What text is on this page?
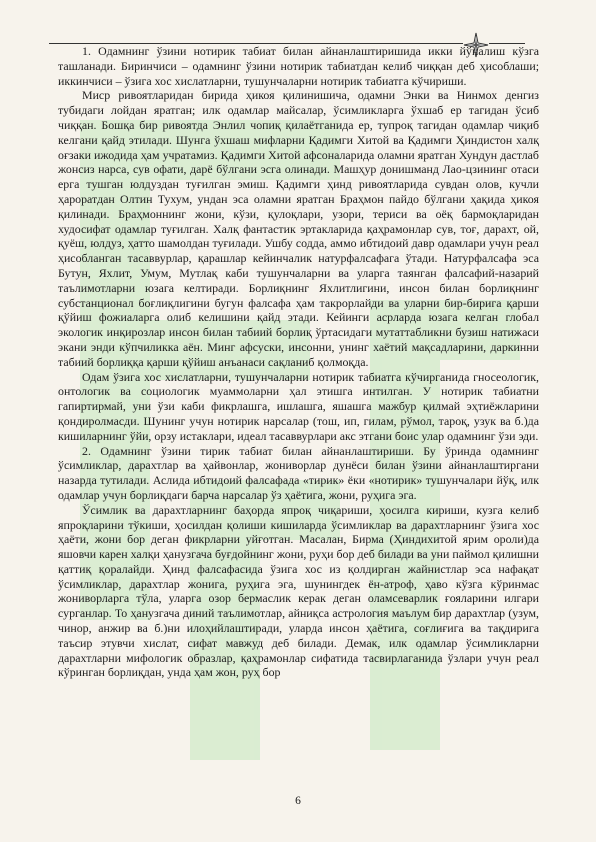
1. Одамнинг ўзини нотирик табиат билан айнанлаштиришида икки йўналиш кўзга ташланади. Биринчиси – одамнинг ўзини нотирик табиатдан келиб чиққан деб ҳисоблаши; иккинчиси – ўзига хос хислатларни, тушунчаларни нотирик табиатга кўчириши.

Миср ривоятларидан бирида ҳикоя қилинишича, одамни Энки ва Нинмох денгиз тубидаги лойдан яратган; илк одамлар майсалар, ўсимликларга ўхшаб ер тагидан ўсиб чиққан. Бошқа бир ривоятда Энлил чопиқ қилаётганида ер, тупроқ тагидан одамлар чиқиб келгани қайд этилади. Шунга ўхшаш мифларни Қадимги Хитой ва Қадимги Ҳиндистон халқ оғзаки ижодида ҳам учратамиз. Қадимги Хитой афсоналарида оламни яратган Хундун дастлаб жонсиз нарса, сув офати, дарё бўлгани эсга олинади. Машҳур донишманд Лао-цзининг отаси ерга тушган юлдуздан туғилган эмиш. Қадимги ҳинд ривоятларида сувдан олов, кучли ҳароратдан Олтин Тухум, ундан эса оламни яратган Браҳмон пайдо бўлгани ҳақида ҳикоя қилинади. Браҳмоннинг жони, кўзи, қулоқлари, узори, териси ва оёқ бармоқларидан худосифат одамлар туғилган. Халқ фантастик эртакларида қаҳрамонлар сув, тоғ, дарахт, ой, қуёш, юлдуз, ҳатто шамолдан туғилади. Ушбу содда, аммо ибтидоий давр одамлари учун реал ҳисобланган тасаввурлар, қарашлар кейинчалик натурфалсафага ўтади. Натурфалсафа эса Бутун, Яхлит, Умум, Мутлақ каби тушунчаларни ва уларга таянган фалсафий-назарий таълимотларни юзага келтиради. Борлиқнинг Яхлитлигини, инсон билан борлиқнинг субстанционал боғлиқлигини бугун фалсафа ҳам такрорлайди ва уларни бир-бирига қарши қўйиш фожиаларга олиб келишини қайд этади. Кейинги асрларда юзага келган глобал экологик инқирозлар инсон билан табиий борлиқ ўртасидаги мутаттабликни бузиш натижаси экани энди кўпчиликка аён. Минг афсуски, инсонни, унинг хаётий мақсадларини, даркинни табиий борлиққа қарши қўйиш анъанаси сақланиб қолмоқда.

Одам ўзига хос хислатларни, тушунчаларни нотирик табиатга кўчирганида гносеологик, онтологик ва социологик муаммоларни ҳал этишга интилган. У нотирик табиатни гапиртирмай, уни ўзи каби фикрлашга, ишлашга, яшашга мажбур қилмай эҳтиёжларини қондиролмасди. Шунинг учун нотирик нарсалар (тош, ип, гилам, рўмол, тароқ, узук ва б.)да кишиларнинг ўйи, орзу истаклари, идеал тасаввурлари акс этгани боис улар одамнинг ўзи эди.

2. Одамнинг ўзини тирик табиат билан айнанлаштириши. Бу ўринда одамнинг ўсимликлар, дарахтлар ва ҳайвонлар, жониворлар дунёси билан ўзини айнанлаштиргани назарда тутилади. Аслида ибтидоий фалсафада «тирик» ёки «нотирик» тушунчалари йўқ, илк одамлар учун борлиқдаги барча нарсалар ўз ҳаётига, жони, руҳига эга.

Ўсимлик ва дарахтларнинг баҳорда япроқ чиқариши, ҳосилга кириши, кузга келиб япроқларини тўкиши, ҳосилдан қолиши кишиларда ўсимликлар ва дарахтларнинг ўзига хос ҳаёти, жони бор деган фикрларни уйғотган. Масалан, Бирма (Ҳиндихитой ярим ороли)да яшовчи карен халқи ҳанузгача буғдойнинг жони, руҳи бор деб билади ва уни паймол қилишни қаттиқ қоралайди. Ҳинд фалсафасида ўзига хос из қолдирган жайнистлар эса нафақат ўсимликлар, дарахтлар жонига, руҳига эга, шунингдек ён-атроф, ҳаво кўзга кўринмас жониворларга тўла, уларга озор бермаслик керак деган оламсеварлик ғояларини илгари сурганлар. То ҳанузгача диний таълимотлар, айниқса астрология маълум бир дарахтлар (узум, чинор, анжир ва б.)ни илоҳийлаштиради, уларда инсон ҳаётига, соғлиғига ва тақдирига таъсир этувчи хислат, сифат мавжуд деб билади. Демак, илк одамлар ўсимликларни дарахтларни мифологик образлар, қаҳрамонлар сифатида тасвирлаганида ўзлари учун реал кўринган борлиқдан, унда ҳам жон, руҳ бор

6
